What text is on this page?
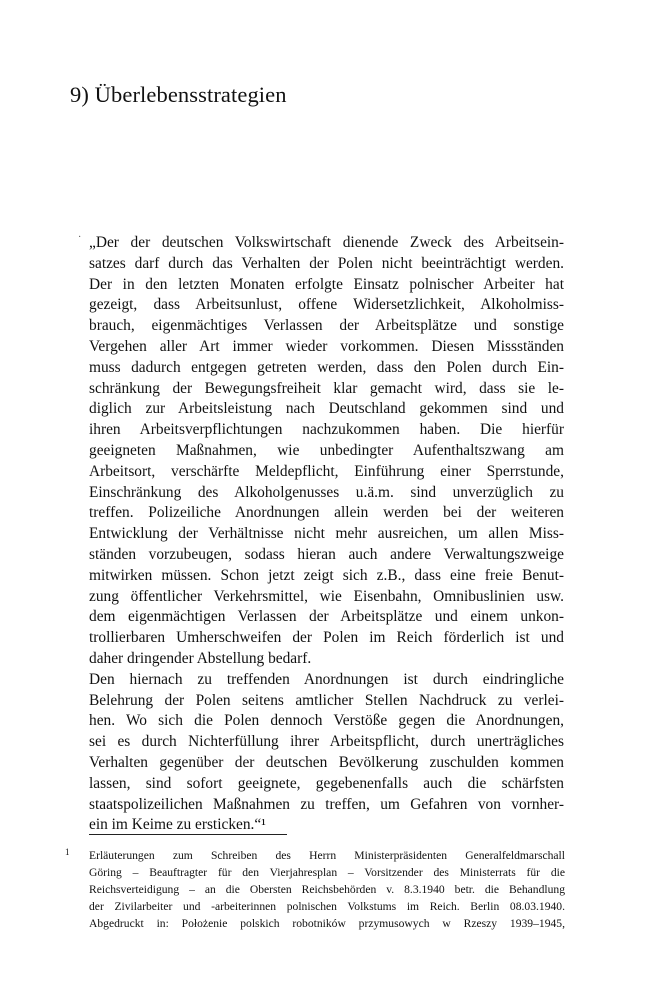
9) Überlebensstrategien
· „Der der deutschen Volkswirtschaft dienende Zweck des Arbeitsein-
satzes darf durch das Verhalten der Polen nicht beeinträchtigt werden.
Der in den letzten Monaten erfolgte Einsatz polnischer Arbeiter hat
gezeigt, dass Arbeitsunlust, offene Widersetzlichkeit, Alkoholmiss-
brauch, eigenmächtiges Verlassen der Arbeitsplätze und sonstige
Vergehen aller Art immer wieder vorkommen. Diesen Missständen
muss dadurch entgegen getreten werden, dass den Polen durch Ein-
schränkung der Bewegungsfreiheit klar gemacht wird, dass sie le-
diglich zur Arbeitsleistung nach Deutschland gekommen sind und
ihren Arbeitsverpflichtungen nachzukommen haben. Die hierfür
geeigneten Maßnahmen, wie unbedingter Aufenthaltszwang am
Arbeitsort, verschärfte Meldepflicht, Einführung einer Sperrstunde,
Einschränkung des Alkoholgenusses u.ä.m. sind unverzüglich zu
treffen. Polizeiliche Anordnungen allein werden bei der weiteren
Entwicklung der Verhältnisse nicht mehr ausreichen, um allen Miss-
ständen vorzubeugen, sodass hieran auch andere Verwaltungszweige
mitwirken müssen. Schon jetzt zeigt sich z.B., dass eine freie Benut-
zung öffentlicher Verkehrsmittel, wie Eisenbahn, Omnibuslinien usw.
dem eigenmächtigen Verlassen der Arbeitsplätze und einem unkon-
trollierbaren Umherschweifen der Polen im Reich förderlich ist und
daher dringender Abstellung bedarf.
Den hiernach zu treffenden Anordnungen ist durch eindringliche
Belehrung der Polen seitens amtlicher Stellen Nachdruck zu verlei-
hen. Wo sich die Polen dennoch Verstöße gegen die Anordnungen,
sei es durch Nichterfüllung ihrer Arbeitspflicht, durch unerträgliches
Verhalten gegenüber der deutschen Bevölkerung zuschulden kommen
lassen, sind sofort geeignete, gegebenenfalls auch die schärfsten
staatspolizeilichen Maßnahmen zu treffen, um Gefahren von vornher-
ein im Keime zu ersticken.“¹
1 Erläuterungen zum Schreiben des Herrn Ministerpräsidenten Generalfeldmarschall
Göring – Beauftragter für den Vierjahresplan – Vorsitzender des Ministerrats für die
Reichsverteidigung – an die Obersten Reichsbehörden v. 8.3.1940 betr. die Behandlung
der Zivilarbeiter und -arbeiterinnen polnischen Volkstums im Reich. Berlin 08.03.1940.
Abgedruckt in: Położenie polskich robotników przymusowych w Rzeszy 1939–1945,
